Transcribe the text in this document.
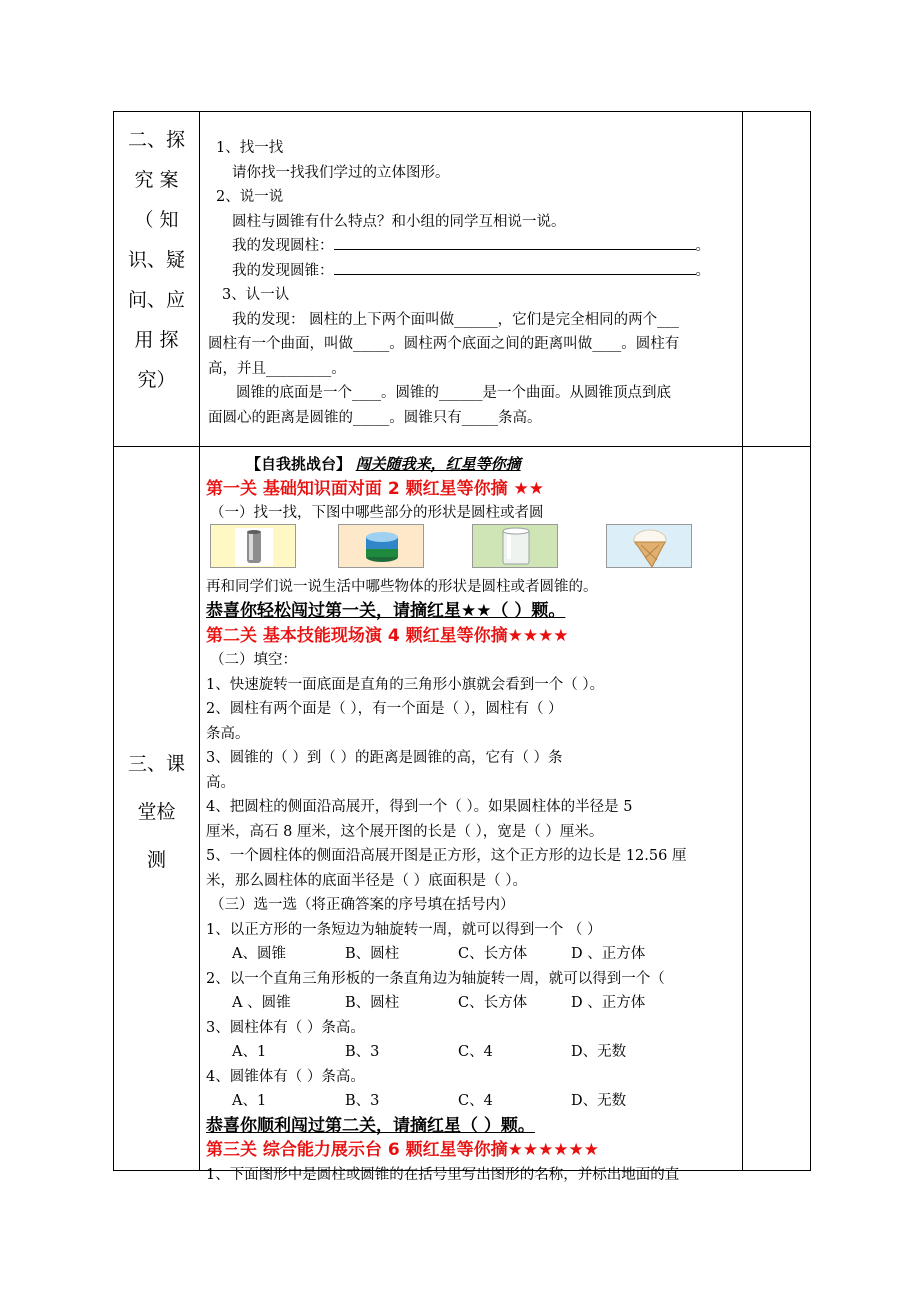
二、探
究 案
（ 知
识、疑
问、应
用 探
究）
1、找一找
请你找一找我们学过的立体图形。
2、说一说
圆柱与圆锥有什么特点？和小组的同学互相说一说。
我的发现圆柱：	。
我的发现圆锥：	。
3、认一认
我的发现： 圆柱的上下两个面叫做______，它们是完全相同的两个___
圆柱有一个曲面，叫做_____。圆柱两个底面之间的距离叫做____。圆柱有
高，并且_________。
圆锥的底面是一个____。圆锥的______是一个曲面。从圆锥顶点到底
面圆心的距离是圆锥的_____。圆锥只有_____条高。
三、课
堂检
测
【自我挑战台】 闯关随我来，红星等你摘
第一关 基础知识面对面 2 颗红星等你摘 ★★
（一）找一找，下图中哪些部分的形状是圆柱或者圆
再和同学们说一说生活中哪些物体的形状是圆柱或者圆锥的。
恭喜你轻松闯过第一关，请摘红星★★（ ）颗。
第二关 基本技能现场演 4 颗红星等你摘★★★★
（二）填空：
1、快速旋转一面底面是直角的三角形小旗就会看到一个（ ）。
2、圆柱有两个面是（ ），有一个面是（ ），圆柱有（ ）
条高。
3、圆锥的（ ）到（ ）的距离是圆锥的高，它有（ ）条
高。
4、把圆柱的侧面沿高展开，得到一个（ ）。如果圆柱体的半径是 5
厘米，高石 8 厘米，这个展开图的长是（ ），宽是（ ）厘米。
5、一个圆柱体的侧面沿高展开图是正方形，这个正方形的边长是 12.56 厘
米，那么圆柱体的底面半径是（ ）底面积是（ ）。
（三）选一选（将正确答案的序号填在括号内）
1、以正方形的一条短边为轴旋转一周，就可以得到一个 （ ）
A、圆锥	B、圆柱	C、长方体	D 、正方体
2、以一个直角三角形板的一条直角边为轴旋转一周，就可以得到一个（
A 、圆锥	B、圆柱	C、长方体	D 、正方体
3、圆柱体有（ ）条高。
A、1	B、3	C、4	D、无数
4、圆锥体有（ ）条高。
A、1	B、3	C、4	D、无数
恭喜你顺利闯过第二关，请摘红星（ ）颗。
第三关 综合能力展示台 6 颗红星等你摘★★★★★★
1、下面图形中是圆柱或圆锥的在括号里写出图形的名称，并标出地面的直
